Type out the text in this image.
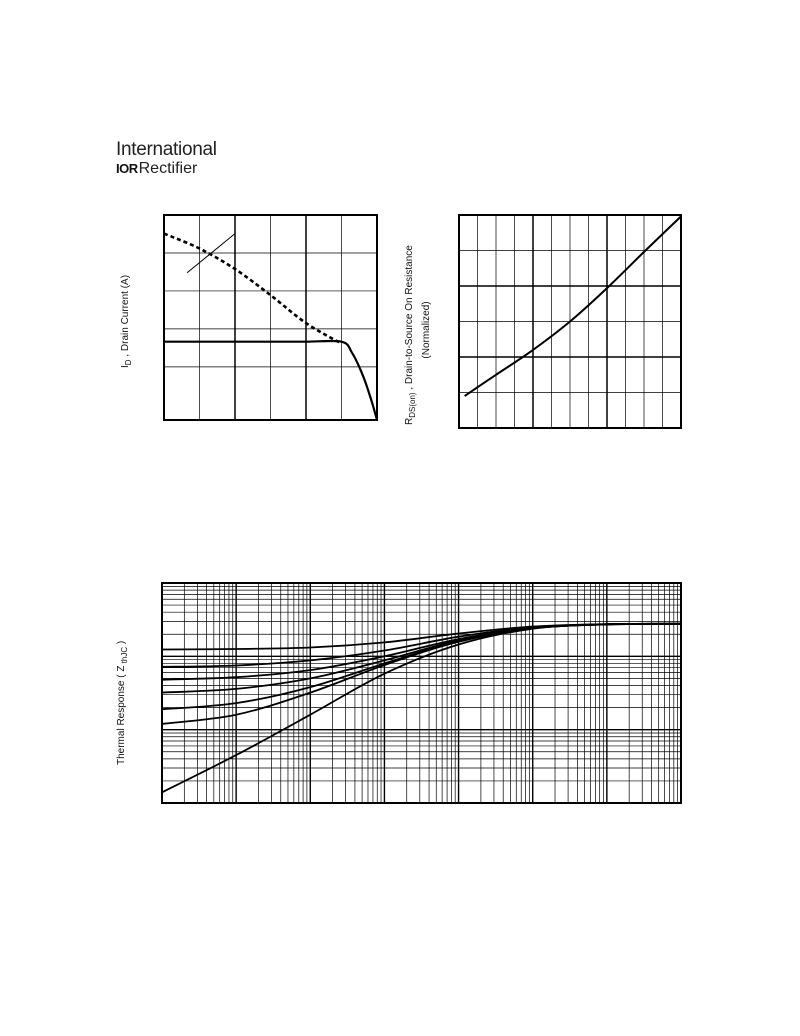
International
IOR Rectifier
$I_D$ , Drain Current (A)
$R_{DS(on)}$ , Drain-to-Source On Resistance (Normalized)
Thermal Response ( Z $_{thJC}$ )
